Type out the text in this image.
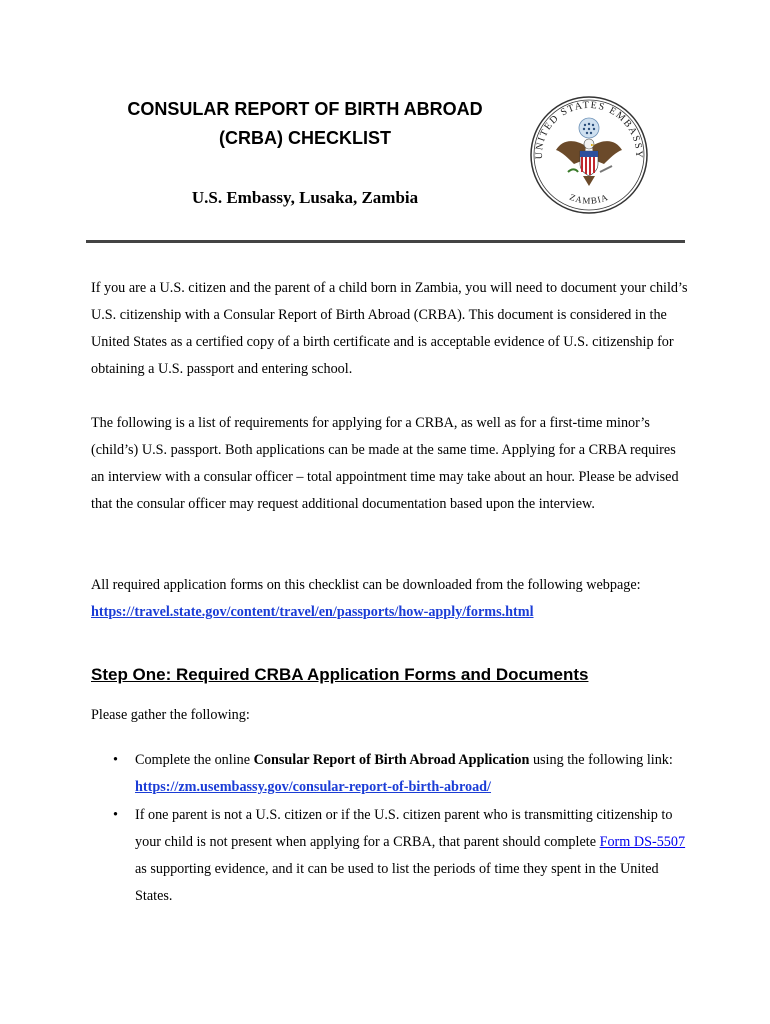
CONSULAR REPORT OF BIRTH ABROAD
(CRBA) CHECKLIST
U.S. Embassy, Lusaka, Zambia
UNITED STATES EMBASSY
ZAMBIA

If you are a U.S. citizen and the parent of a child born in Zambia, you will need to document your child’s U.S. citizenship with a Consular Report of Birth Abroad (CRBA). This document is considered in the United States as a certified copy of a birth certificate and is acceptable evidence of U.S. citizenship for obtaining a U.S. passport and entering school.

The following is a list of requirements for applying for a CRBA, as well as for a first-time minor’s (child’s) U.S. passport. Both applications can be made at the same time. Applying for a CRBA requires an interview with a consular officer – total appointment time may take about an hour. Please be advised that the consular officer may request additional documentation based upon the interview.

All required application forms on this checklist can be downloaded from the following webpage: https://travel.state.gov/content/travel/en/passports/how-apply/forms.html

Step One: Required CRBA Application Forms and Documents
Please gather the following:
• Complete the online Consular Report of Birth Abroad Application using the following link: https://zm.usembassy.gov/consular-report-of-birth-abroad/
• If one parent is not a U.S. citizen or if the U.S. citizen parent who is transmitting citizenship to your child is not present when applying for a CRBA, that parent should complete Form DS-5507 as supporting evidence, and it can be used to list the periods of time they spent in the United States.
